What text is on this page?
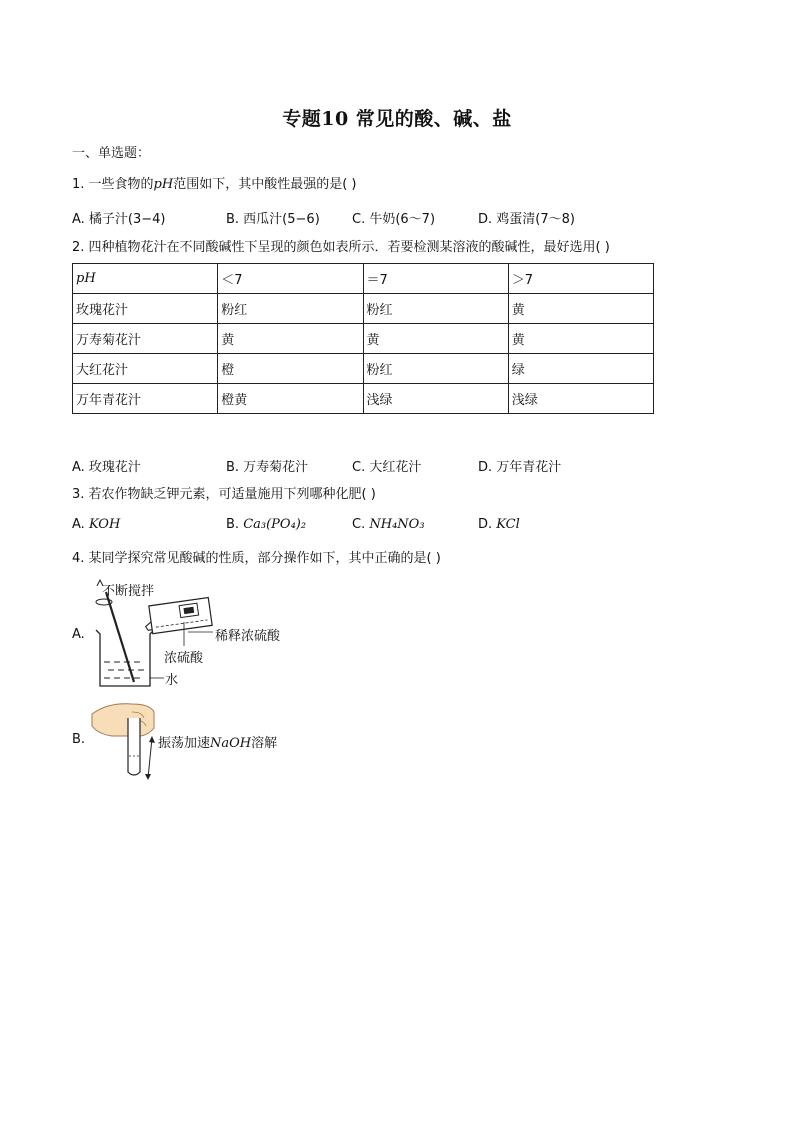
专题10 常见的酸、碱、盐
一、单选题：
1. 一些食物的pH范围如下，其中酸性最强的是( )
A. 橘子汁(3−4)	B. 西瓜汁(5−6) C. 牛奶(6～7)	D. 鸡蛋清(7～8)
2. 四种植物花汁在不同酸碱性下呈现的颜色如表所示．若要检测某溶液的酸碱性，最好选用( )
pH	＜7	＝7	＞7
玫瑰花汁	粉红	粉红	黄
万寿菊花汁	黄	黄	黄
大红花汁	橙	粉红	绿
万年青花汁	橙黄	浅绿	浅绿
A. 玫瑰花汁	B. 万寿菊花汁	C. 大红花汁	D. 万年青花汁
3. 若农作物缺乏钾元素，可适量施用下列哪种化肥( )
A. KOH	B. Ca₃(PO₄)₂	C. NH₄NO₃	D. KCl
4. 某同学探究常见酸碱的性质，部分操作如下，其中正确的是( )
A.
不断搅拌
稀释浓硫酸
浓硫酸
水
B.	振荡加速NaOH溶解
